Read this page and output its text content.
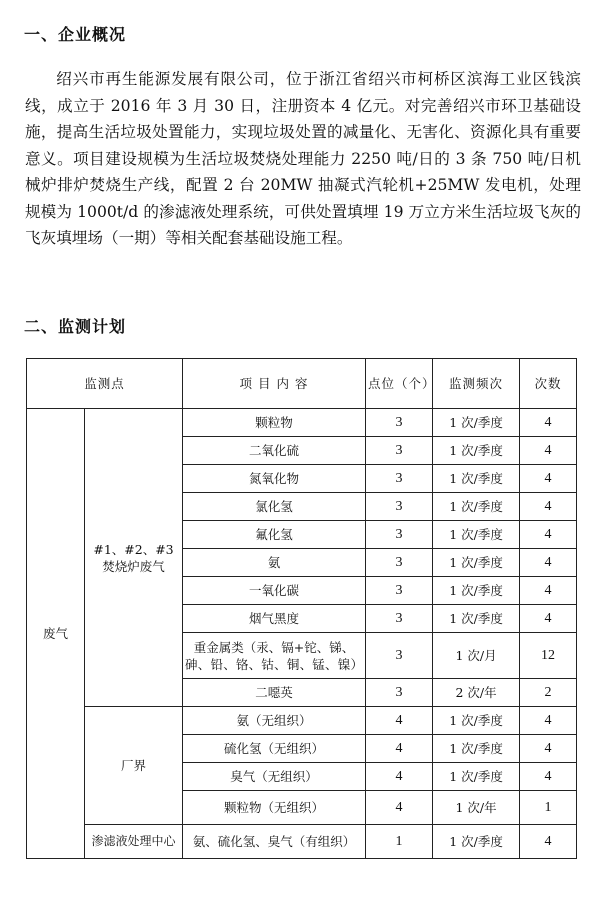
一、企业概况

绍兴市再生能源发展有限公司，位于浙江省绍兴市柯桥区滨海工业区钱滨线，成立于 2016 年 3 月 30 日，注册资本 4 亿元。对完善绍兴市环卫基础设施，提高生活垃圾处置能力，实现垃圾处置的减量化、无害化、资源化具有重要意义。项目建设规模为生活垃圾焚烧处理能力 2250 吨/日的 3 条 750 吨/日机械炉排炉焚烧生产线，配置 2 台 20MW 抽凝式汽轮机+25MW 发电机，处理规模为 1000t/d 的渗滤液处理系统，可供处置填埋 19 万立方米生活垃圾飞灰的飞灰填埋场（一期）等相关配套基础设施工程。

二、监测计划
监测点		项 目 内 容	点位（个）	监测频次	次数
废气	#1、#2、#3 焚烧炉废气	颗粒物	3	1 次/季度	4
		二氧化硫	3	1 次/季度	4
		氮氧化物	3	1 次/季度	4
		氯化氢	3	1 次/季度	4
		氟化氢	3	1 次/季度	4
		氨	3	1 次/季度	4
		一氧化碳	3	1 次/季度	4
		烟气黑度	3	1 次/季度	4
		重金属类（汞、镉+铊、锑、砷、铅、铬、钴、铜、锰、镍）	3	1 次/月	12
		二噁英	3	2 次/年	2
	厂界	氨（无组织）	4	1 次/季度	4
		硫化氢（无组织）	4	1 次/季度	4
		臭气（无组织）	4	1 次/季度	4
		颗粒物（无组织）	4	1 次/年	1
	渗滤液处理中心	氨、硫化氢、臭气（有组织）	1	1 次/季度	4
